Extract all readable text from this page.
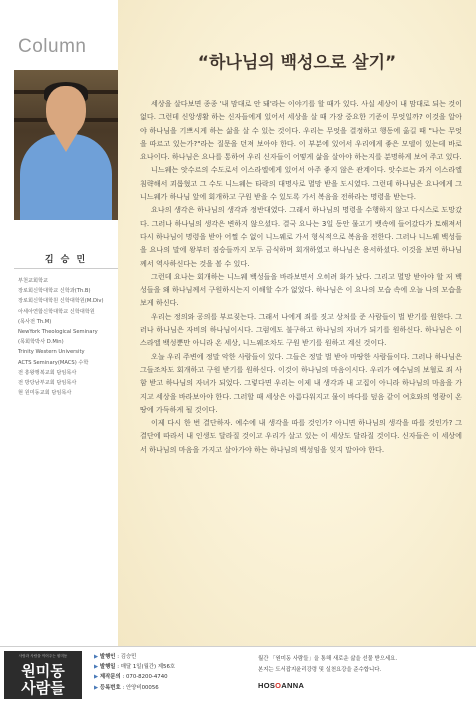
Column
김 승 민
부천교회학교
장로회신학대학교 신학과(Th.B)
장로회신학대학원 신학대학원(M.Div)
아세아연합신학대학교 신학대학원
(목사전 Th.M)
NewYork Theological Seminary
(목회학박사 D.Min)
Trinity Western University
ACTS Seminary(MACS) 수학
전 흥왕행복교회 담임목사
전 방당남부교회 담임목사
현 원미동교회 담임목사
“하나님의 백성으로 살기”

세상을 살다보면 종종 '내 맘대로 안 돼'라는 이야기를 할 때가 있다. 사실 세상이 내 맘대로 되는 것이 없다. 그런데 신앙생활 하는 신자들에게 있어서 세상을 살 때 가장 중요한 기준이 무엇일까? 이것을 알아야 하나님을 기쁘시게 하는 삶을 살 수 있는 것이다. 우리는 무엇을 결정하고 행동에 옮길 때 "나는 무엇을 따르고 있는가?"라는 질문을 던져 보아야 한다. 이 부분에 있어서 우리에게 좋은 모델이 있는데 바로 요나이다. 하나님은 요나를 통하여 우리 신자들이 어떻게 삶을 살아야 하는지를 분명하게 보여 주고 있다.

니느웨는 앗수르의 수도로서 이스라엘에게 있어서 아주 좋지 않은 관계이다. 앗수르는 과거 이스라엘 침략해서 괴롭혔고 그 수도 니느웨는 타락의 대명사로 멸망 받을 도시였다. 그런데 하나님은 요나에게 그 니느웨가 하나님 앞에 회개하고 구원 받을 수 있도록 가서 복음을 전하라는 명령을 받는다.

요나의 생각은 하나님의 생각과 정반대였다. 그래서 하나님의 명령을 수행하지 않고 다시스로 도망갔다. 그러나 하나님의 생각은 변하지 않으셨다. 결국 요나는 3일 동안 물고기 뱃속에 들어갔다가 토해져서 다시 하나님이 명령을 받아 어쩔 수 없이 니느웨로 가서 형식적으로 복음을 전한다. 그러나 니느웨 백성들을 요나의 말에 왕부터 짐승들까지 모두 금식하며 회개하였고 하나님은 용서하셨다. 이것을 보면 하나님께서 역사하신다는 것을 볼 수 있다.

그런데 요나는 회개하는 니느웨 백성들을 바라보면서 오히려 화가 났다. 그리고 멸망 받아야 할 저 백성들을 왜 하나님께서 구원하시는지 이해할 수가 없었다. 하나님은 이 요나의 모습 속에 오늘 나의 모습을 보게 하신다.

우리는 정의와 공의를 부르짖는다. 그래서 나에게 죄를 짓고 상처를 준 사람들이 벌 받기를 원한다. 그러나 하나님은 자비의 하나님이시다. 그럼에도 불구하고 하나님의 자녀가 되기를 원하신다. 하나님은 이스라엘 백성뿐만 아니라 온 세상, 니느웨조차도 구원 받기를 원하고 계신 것이다.

오늘 우리 주변에 정말 악한 사람들이 있다. 그들은 정말 벌 받아 마땅한 사람들이다. 그러나 하나님은 그들조차도 회개하고 구원 받기를 원하신다. 이것이 하나님의 마음이시다. 우리가 예수님의 보혈로 죄 사함 받고 하나님의 자녀가 되었다. 그렇다면 우리는 이제 내 생각과 내 고집이 아니라 하나님의 마음을 가지고 세상을 바라보아야 한다. 그러할 때 세상은 아름다워지고 물이 바다를 덮음 같이 여호와의 영광이 온 땅에 가득하게 될 것이다.

이제 다시 한 번 결단하자. 예수에 내 생각을 따를 것인가? 아니면 하나님의 생각을 따를 것인가? 그 결단에 따라서 내 인생도 달라질 것이고 우리가 살고 있는 이 세상도 달라질 것이다. 신자들은 이 세상에서 하나님의 마음을 가지고 살아가야 하는 하나님의 백성임을 잊지 말아야 한다.

사람과 사람을 이어주는 원미동
원미동
사람들
▶ 발행인 : 김승민
▶ 발행일 : 매달 1일(월간) 제56호
▶ 제작문의 : 070-8200-4740
▶ 등록번호 : 안양비00056
월간 「원미동 사람들」을 통해 새로운 삶을 선물 받으세요.
본지는 도서잡지윤리강령 및 실천요강을 준수합니다.
HOSOANNA
